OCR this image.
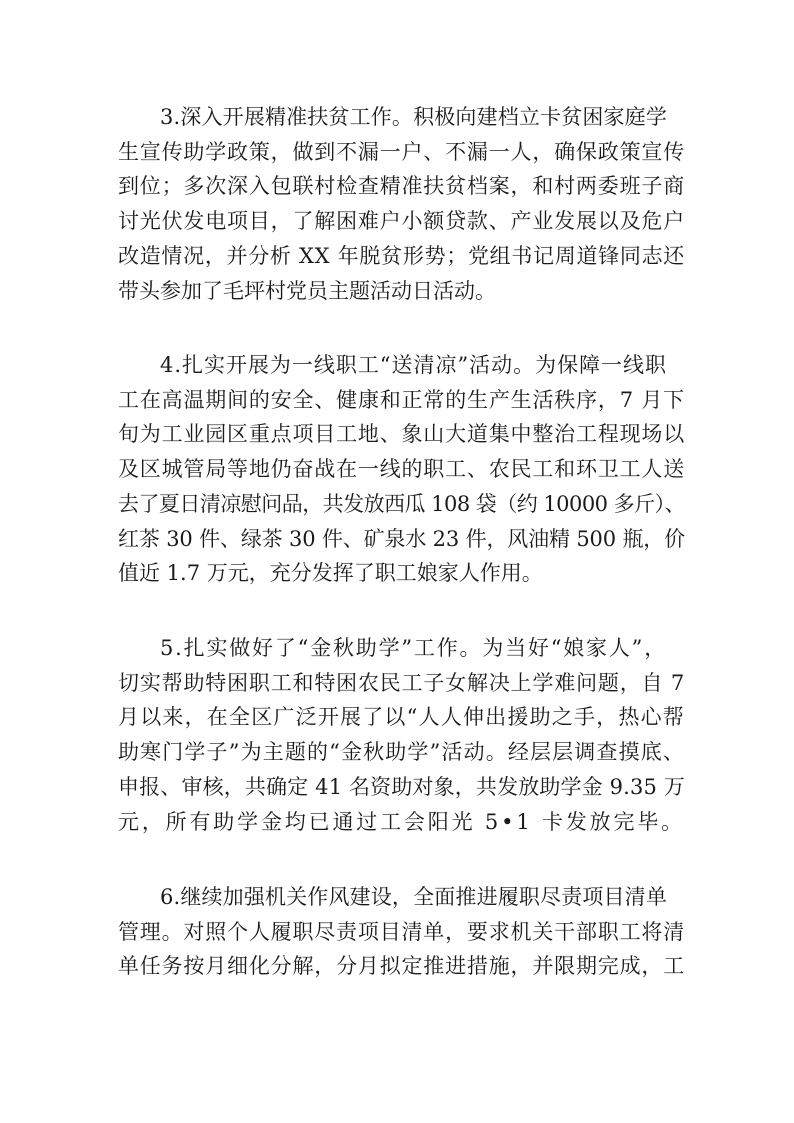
3.深入开展精准扶贫工作。积极向建档立卡贫困家庭学
生宣传助学政策，做到不漏一户、不漏一人，确保政策宣传
到位；多次深入包联村检查精准扶贫档案，和村两委班子商
讨光伏发电项目，了解困难户小额贷款、产业发展以及危户
改造情况，并分析 XX 年脱贫形势；党组书记周道锋同志还
带头参加了毛坪村党员主题活动日活动。
4.扎实开展为一线职工“送清凉”活动。为保障一线职
工在高温期间的安全、健康和正常的生产生活秩序，7 月下
旬为工业园区重点项目工地、象山大道集中整治工程现场以
及区城管局等地仍奋战在一线的职工、农民工和环卫工人送
去了夏日清凉慰问品，共发放西瓜 108 袋（约 10000 多斤）、
红茶 30 件、绿茶 30 件、矿泉水 23 件，风油精 500 瓶，价
值近 1.7 万元，充分发挥了职工娘家人作用。
5.扎实做好了“金秋助学”工作。为当好“娘家人”，
切实帮助特困职工和特困农民工子女解决上学难问题，自 7
月以来，在全区广泛开展了以“人人伸出援助之手，热心帮
助寒门学子”为主题的“金秋助学”活动。经层层调查摸底、
申报、审核，共确定 41 名资助对象，共发放助学金 9.35 万
元，所有助学金均已通过工会阳光 5•1 卡发放完毕。
6.继续加强机关作风建设，全面推进履职尽责项目清单
管理。对照个人履职尽责项目清单，要求机关干部职工将清
单任务按月细化分解，分月拟定推进措施，并限期完成，工
